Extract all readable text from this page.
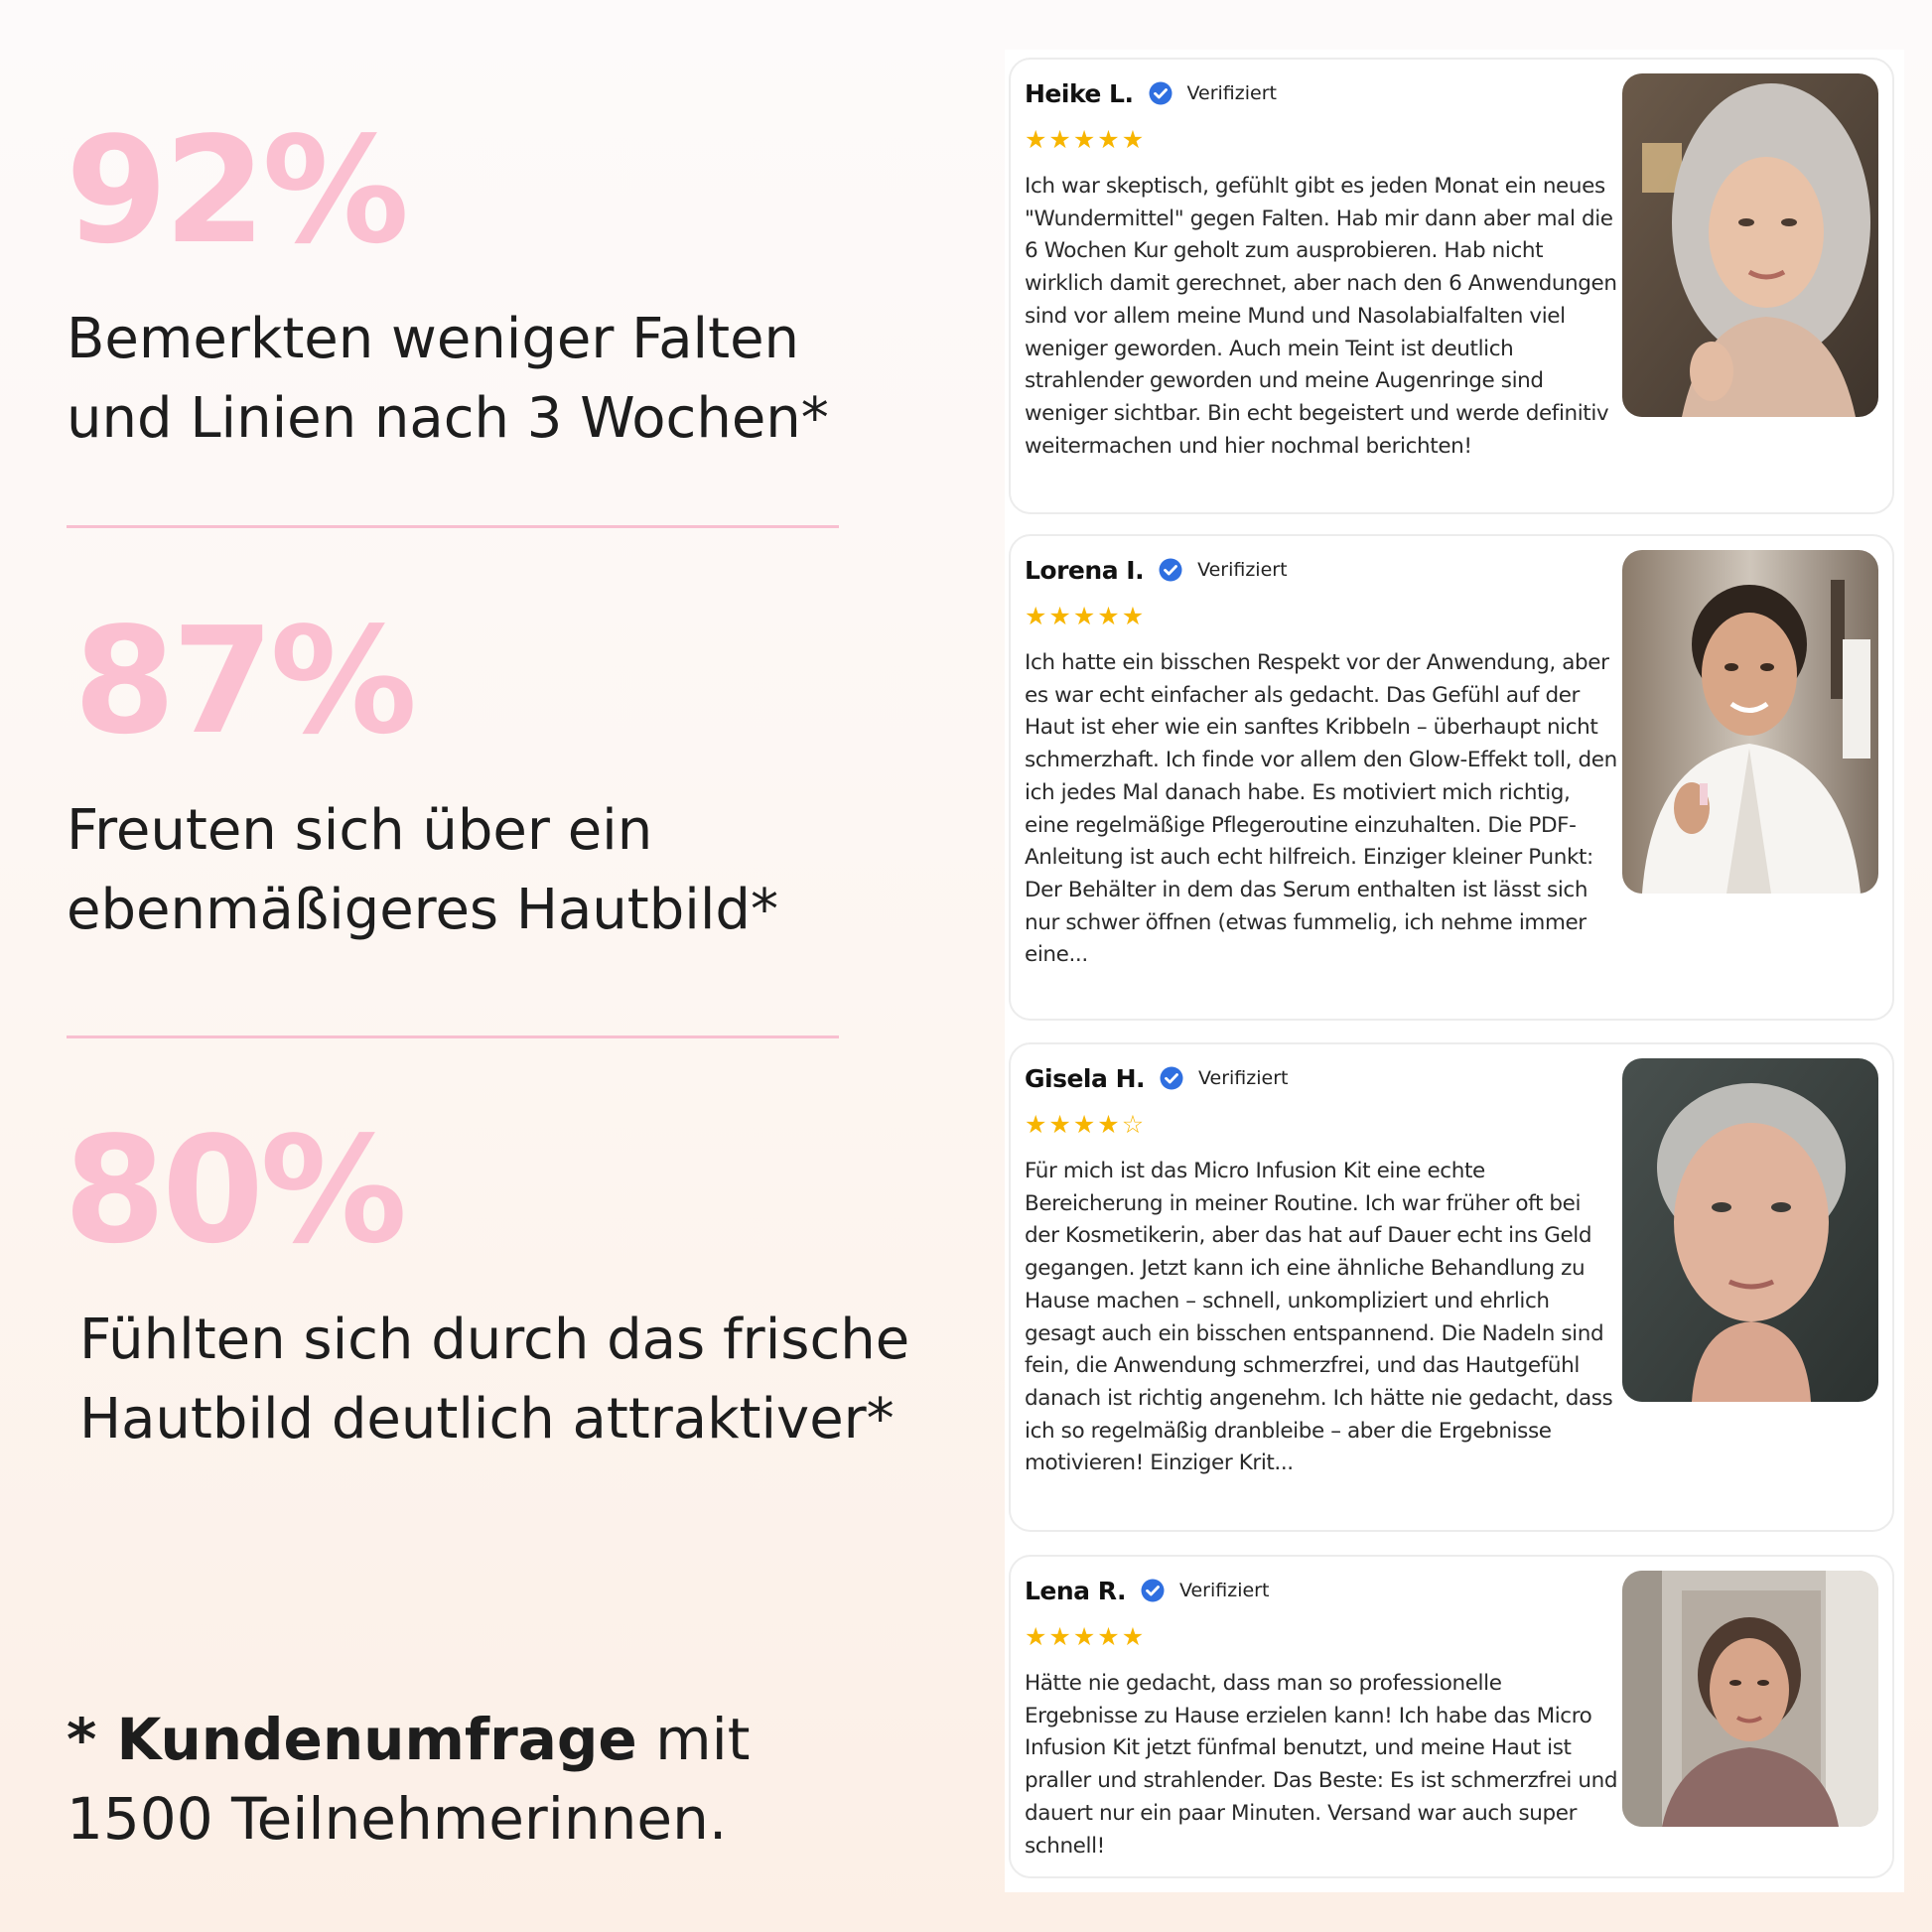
92%
Bemerkten weniger Falten
und Linien nach 3 Wochen*
87%
Freuten sich über ein
ebenmäßigeres Hautbild*
80%
Fühlten sich durch das frische
Hautbild deutlich attraktiver*
* Kundenumfrage mit
1500 Teilnehmerinnen.
Heike L.	Verifiziert
★ ★ ★ ★ ★
Ich war skeptisch, gefühlt gibt es jeden Monat ein neues "Wundermittel" gegen Falten. Hab mir dann aber mal die 6 Wochen Kur geholt zum ausprobieren. Hab nicht wirklich damit gerechnet, aber nach den 6 Anwendungen sind vor allem meine Mund und Nasolabialfalten viel weniger geworden. Auch mein Teint ist deutlich strahlender geworden und meine Augenringe sind weniger sichtbar. Bin echt begeistert und werde definitiv weitermachen und hier nochmal berichten!
Lorena I.	Verifiziert
★ ★ ★ ★ ★
Ich hatte ein bisschen Respekt vor der Anwendung, aber es war echt einfacher als gedacht. Das Gefühl auf der Haut ist eher wie ein sanftes Kribbeln – überhaupt nicht schmerzhaft. Ich finde vor allem den Glow-Effekt toll, den ich jedes Mal danach habe. Es motiviert mich richtig, eine regelmäßige Pflegeroutine einzuhalten. Die PDF-Anleitung ist auch echt hilfreich. Einziger kleiner Punkt: Der Behälter in dem das Serum enthalten ist lässt sich nur schwer öffnen (etwas fummelig, ich nehme immer eine...
Gisela H.	Verifiziert
★ ★ ★ ★ ☆
Für mich ist das Micro Infusion Kit eine echte Bereicherung in meiner Routine. Ich war früher oft bei der Kosmetikerin, aber das hat auf Dauer echt ins Geld gegangen. Jetzt kann ich eine ähnliche Behandlung zu Hause machen – schnell, unkompliziert und ehrlich gesagt auch ein bisschen entspannend. Die Nadeln sind fein, die Anwendung schmerzfrei, und das Hautgefühl danach ist richtig angenehm. Ich hätte nie gedacht, dass ich so regelmäßig dranbleibe – aber die Ergebnisse motivieren! Einziger Krit...
Lena R.	Verifiziert
★ ★ ★ ★ ★
Hätte nie gedacht, dass man so professionelle Ergebnisse zu Hause erzielen kann! Ich habe das Micro Infusion Kit jetzt fünfmal benutzt, und meine Haut ist praller und strahlender. Das Beste: Es ist schmerzfrei und dauert nur ein paar Minuten. Versand war auch super schnell!
